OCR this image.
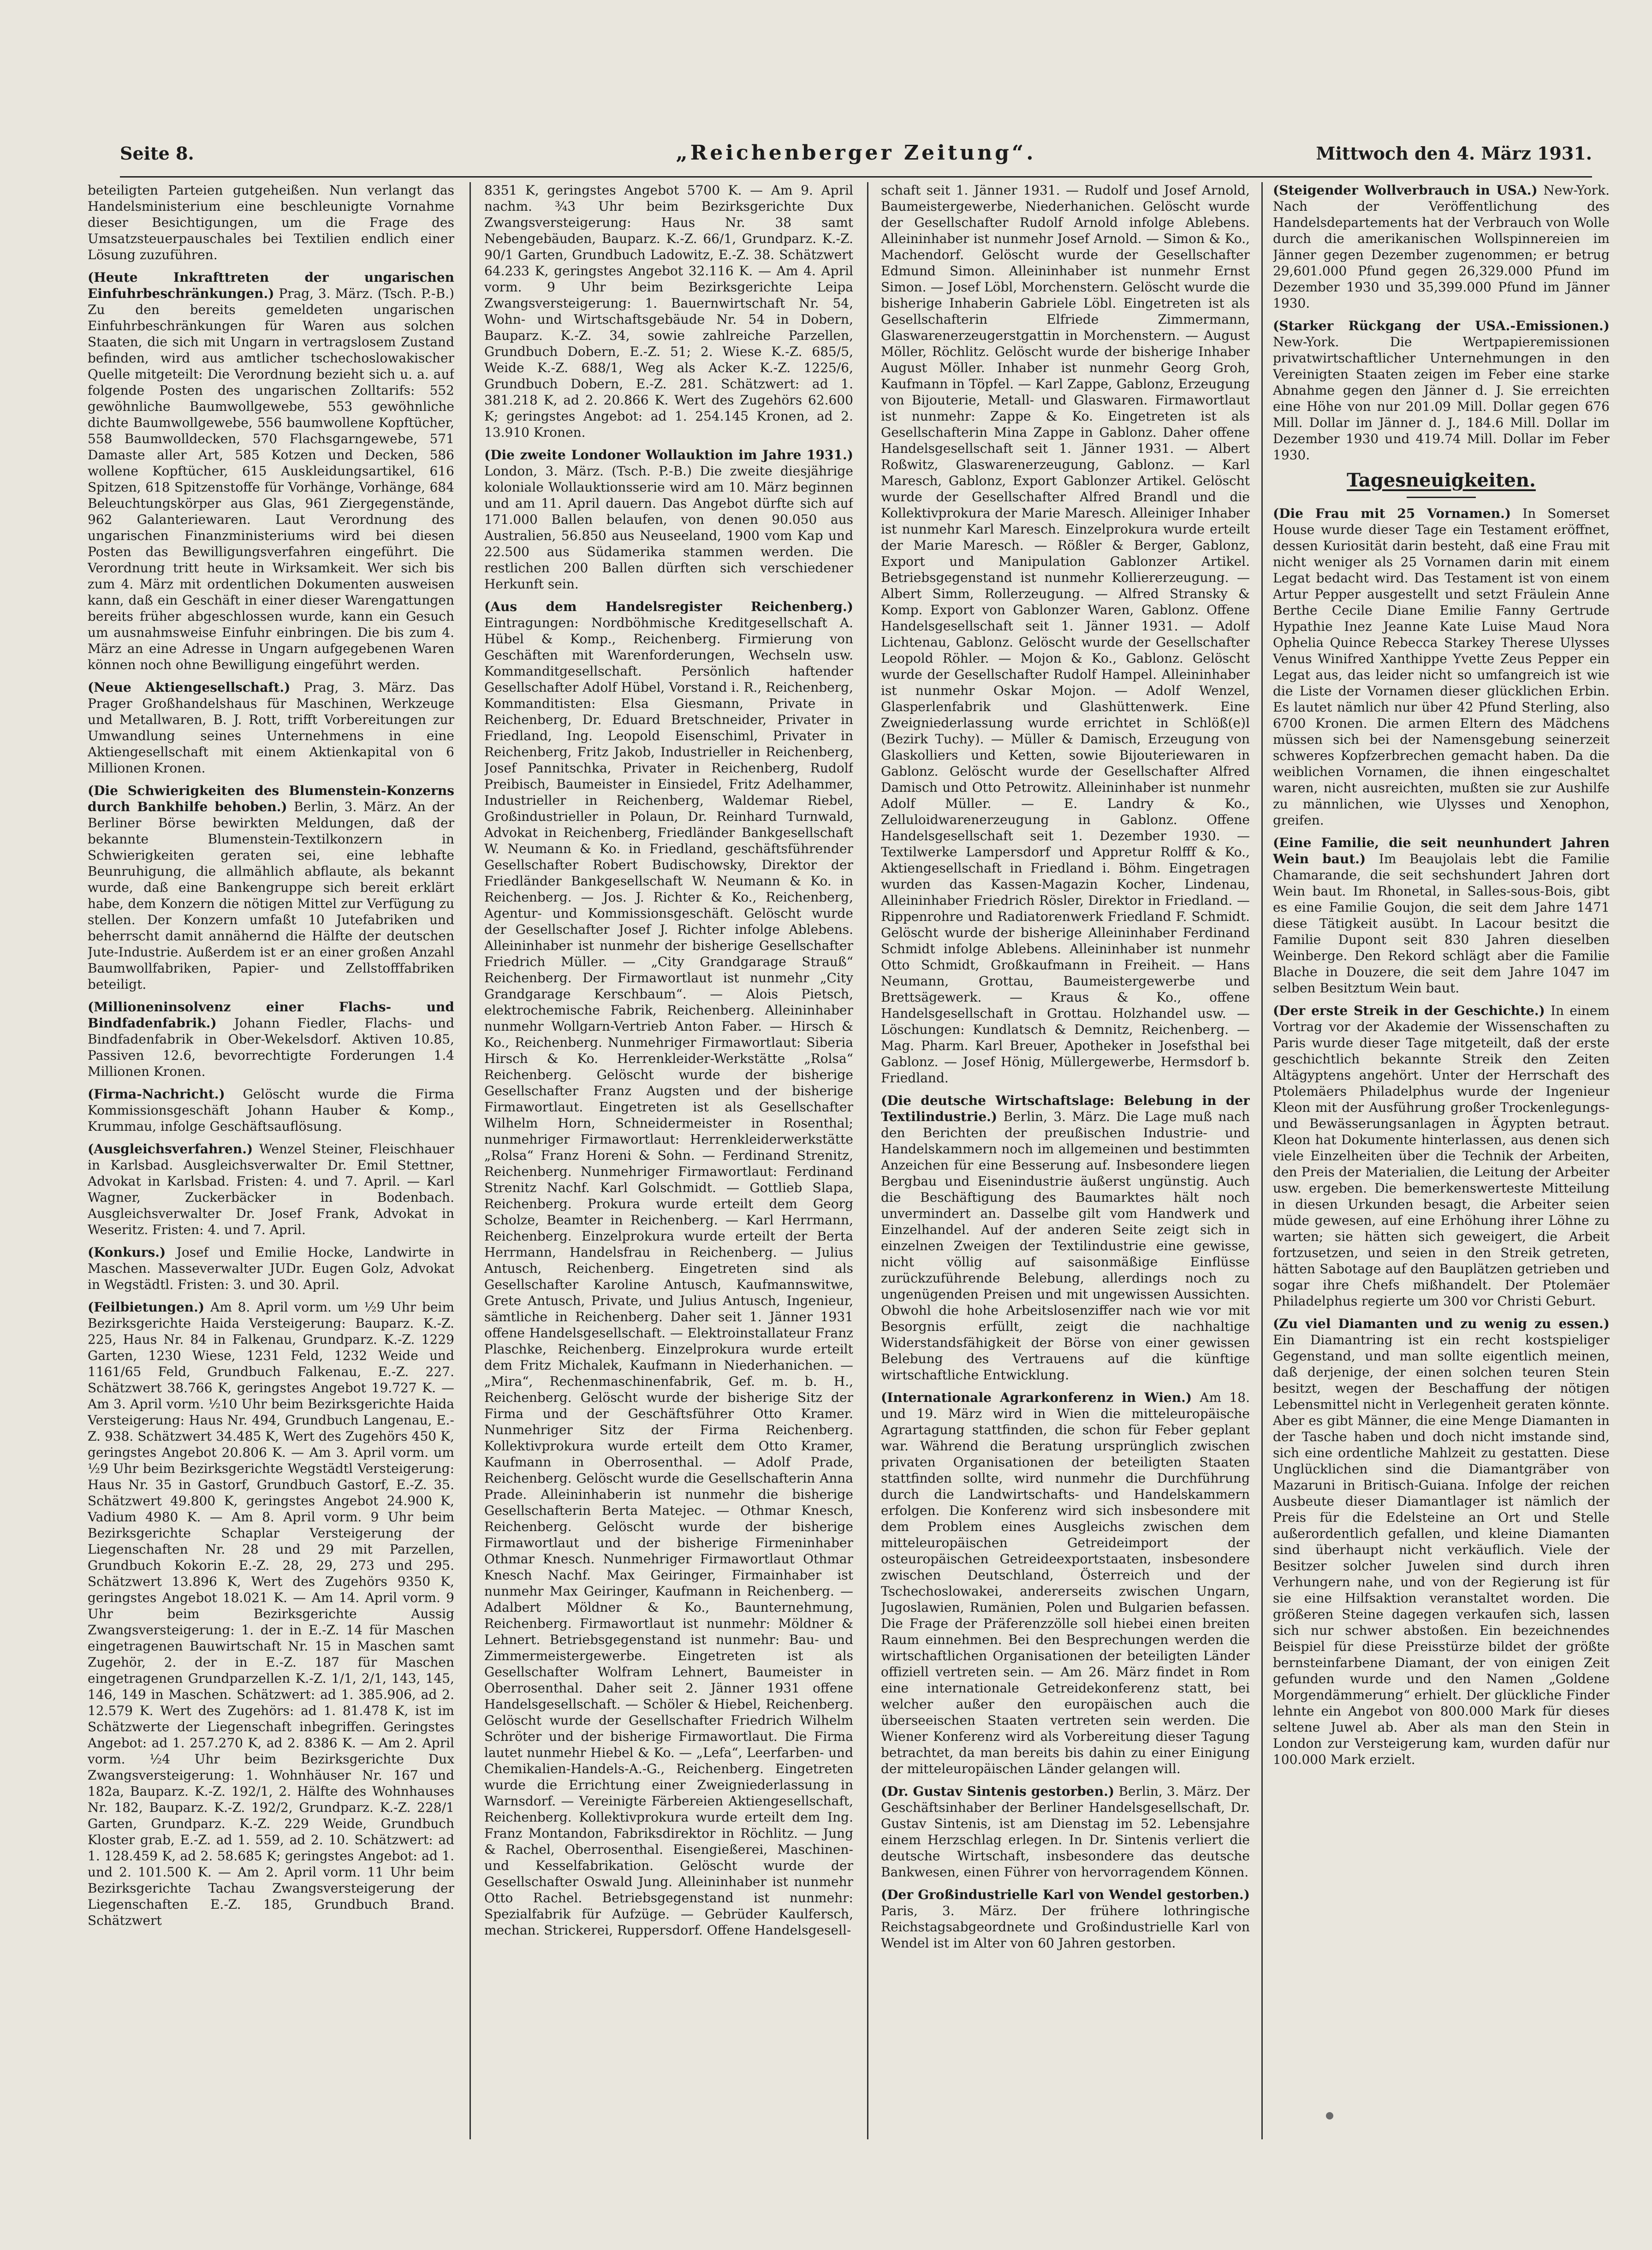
Seite 8.	„Reichenberger Zeitung“.	Mittwoch den 4. März 1931.

beteiligten Parteien gutgeheißen. Nun verlangt das Handelsministerium eine beschleunigte Vornahme dieser Besichtigungen, um die Frage des Umsatzsteuerpauschales bei Textilien endlich einer Lösung zuzuführen.

(Heute Inkrafttreten der ungarischen Einfuhrbeschränkungen.) Prag, 3. März. (Tsch. P.-B.) Zu den bereits gemeldeten ungarischen Einfuhrbeschränkungen für Waren aus solchen Staaten, die sich mit Ungarn in vertragslosem Zustand befinden, wird aus amtlicher tschechoslowakischer Quelle mitgeteilt: Die Verordnung bezieht sich u. a. auf folgende Posten des ungarischen Zolltarifs: 552 gewöhnliche Baumwollgewebe, 553 gewöhnliche dichte Baumwollgewebe, 556 baumwollene Kopftücher, 558 Baumwolldecken, 570 Flachsgarngewebe, 571 Damaste aller Art, 585 Kotzen und Decken, 586 wollene Kopftücher, 615 Auskleidungsartikel, 616 Spitzen, 618 Spitzenstoffe für Vorhänge, Vorhänge, 684 Beleuchtungskörper aus Glas, 961 Ziergegenstände, 962 Galanteriewaren. Laut Verordnung des ungarischen Finanzministeriums wird bei diesen Posten das Bewilligungsverfahren eingeführt. Die Verordnung tritt heute in Wirksamkeit. Wer sich bis zum 4. März mit ordentlichen Dokumenten ausweisen kann, daß ein Geschäft in einer dieser Warengattungen bereits früher abgeschlossen wurde, kann ein Gesuch um ausnahmsweise Einfuhr einbringen. Die bis zum 4. März an eine Adresse in Ungarn aufgegebenen Waren können noch ohne Bewilligung eingeführt werden.

(Neue Aktiengesellschaft.) Prag, 3. März. Das Prager Großhandelshaus für Maschinen, Werkzeuge und Metallwaren, B. J. Rott, trifft Vorbereitungen zur Umwandlung seines Unternehmens in eine Aktiengesellschaft mit einem Aktienkapital von 6 Millionen Kronen.

(Die Schwierigkeiten des Blumenstein-Konzerns durch Bankhilfe behoben.) Berlin, 3. März. An der Berliner Börse bewirkten Meldungen, daß der bekannte Blumenstein-Textilkonzern in Schwierigkeiten geraten sei, eine lebhafte Beunruhigung, die allmählich abflaute, als bekannt wurde, daß eine Bankengruppe sich bereit erklärt habe, dem Konzern die nötigen Mittel zur Verfügung zu stellen. Der Konzern umfaßt 10 Jutefabriken und beherrscht damit annähernd die Hälfte der deutschen Jute-Industrie. Außerdem ist er an einer großen Anzahl Baumwollfabriken, Papier- und Zellstofffabriken beteiligt.

(Millioneninsolvenz einer Flachs- und Bindfadenfabrik.) Johann Fiedler, Flachs- und Bindfadenfabrik in Ober-Wekelsdorf. Aktiven 10.85, Passiven 12.6, bevorrechtigte Forderungen 1.4 Millionen Kronen.

(Firma-Nachricht.) Gelöscht wurde die Firma Kommissionsgeschäft Johann Hauber & Komp., Krummau, infolge Geschäftsauflösung.

(Ausgleichsverfahren.) Wenzel Steiner, Fleischhauer in Karlsbad. Ausgleichsverwalter Dr. Emil Stettner, Advokat in Karlsbad. Fristen: 4. und 7. April. — Karl Wagner, Zuckerbäcker in Bodenbach. Ausgleichsverwalter Dr. Josef Frank, Advokat in Weseritz. Fristen: 4. und 7. April.

(Konkurs.) Josef und Emilie Hocke, Landwirte in Maschen. Masseverwalter JUDr. Eugen Golz, Advokat in Wegstädtl. Fristen: 3. und 30. April.

(Feilbietungen.) Am 8. April vorm. um ½9 Uhr beim Bezirksgerichte Haida Versteigerung: Bauparz. K.-Z. 225, Haus Nr. 84 in Falkenau, Grundparz. K.-Z. 1229 Garten, 1230 Wiese, 1231 Feld, 1232 Weide und 1161/65 Feld, Grundbuch Falkenau, E.-Z. 227. Schätzwert 38.766 K, geringstes Angebot 19.727 K. — Am 3. April vorm. ½10 Uhr beim Bezirksgerichte Haida Versteigerung: Haus Nr. 494, Grundbuch Langenau, E.-Z. 938. Schätzwert 34.485 K, Wert des Zugehörs 450 K, geringstes Angebot 20.806 K. — Am 3. April vorm. um ½9 Uhr beim Bezirksgerichte Wegstädtl Versteigerung: Haus Nr. 35 in Gastorf, Grundbuch Gastorf, E.-Z. 35. Schätzwert 49.800 K, geringstes Angebot 24.900 K, Vadium 4980 K. — Am 8. April vorm. 9 Uhr beim Bezirksgerichte Schaplar Versteigerung der Liegenschaften Nr. 28 und 29 mit Parzellen, Grundbuch Kokorin E.-Z. 28, 29, 273 und 295. Schätzwert 13.896 K, Wert des Zugehörs 9350 K, geringstes Angebot 18.021 K. — Am 14. April vorm. 9 Uhr beim Bezirksgerichte Aussig Zwangsversteigerung: 1. der in E.-Z. 14 für Maschen eingetragenen Bauwirtschaft Nr. 15 in Maschen samt Zugehör, 2. der in E.-Z. 187 für Maschen eingetragenen Grundparzellen K.-Z. 1/1, 2/1, 143, 145, 146, 149 in Maschen. Schätzwert: ad 1. 385.906, ad 2. 12.579 K. Wert des Zugehörs: ad 1. 81.478 K, ist im Schätzwerte der Liegenschaft inbegriffen. Geringstes Angebot: ad 1. 257.270 K, ad 2. 8386 K. — Am 2. April vorm. ½4 Uhr beim Bezirksgerichte Dux Zwangsversteigerung: 1. Wohnhäuser Nr. 167 und 182a, Bauparz. K.-Z. 192/1, 2. Hälfte des Wohnhauses Nr. 182, Bauparz. K.-Z. 192/2, Grundparz. K.-Z. 228/1 Garten, Grundparz. K.-Z. 229 Weide, Grundbuch Kloster grab, E.-Z. ad 1. 559, ad 2. 10. Schätzwert: ad 1. 128.459 K, ad 2. 58.685 K; geringstes Angebot: ad 1. und 2. 101.500 K. — Am 2. April vorm. 11 Uhr beim Bezirksgerichte Tachau Zwangsversteigerung der Liegenschaften E.-Z. 185, Grundbuch Brand. Schätzwert

8351 K, geringstes Angebot 5700 K. — Am 9. April nachm. ¾3 Uhr beim Bezirksgerichte Dux Zwangsversteigerung: Haus Nr. 38 samt Nebengebäuden, Bauparz. K.-Z. 66/1, Grundparz. K.-Z. 90/1 Garten, Grundbuch Ladowitz, E.-Z. 38. Schätzwert 64.233 K, geringstes Angebot 32.116 K. — Am 4. April vorm. 9 Uhr beim Bezirksgerichte Leipa Zwangsversteigerung: 1. Bauernwirtschaft Nr. 54, Wohn- und Wirtschaftsgebäude Nr. 54 in Dobern, Bauparz. K.-Z. 34, sowie zahlreiche Parzellen, Grundbuch Dobern, E.-Z. 51; 2. Wiese K.-Z. 685/5, Weide K.-Z. 688/1, Weg als Acker K.-Z. 1225/6, Grundbuch Dobern, E.-Z. 281. Schätzwert: ad 1. 381.218 K, ad 2. 20.866 K. Wert des Zugehörs 62.600 K; geringstes Angebot: ad 1. 254.145 Kronen, ad 2. 13.910 Kronen.

(Die zweite Londoner Wollauktion im Jahre 1931.) London, 3. März. (Tsch. P.-B.) Die zweite diesjährige koloniale Wollauktionsserie wird am 10. März beginnen und am 11. April dauern. Das Angebot dürfte sich auf 171.000 Ballen belaufen, von denen 90.050 aus Australien, 56.850 aus Neuseeland, 1900 vom Kap und 22.500 aus Südamerika stammen werden. Die restlichen 200 Ballen dürften sich verschiedener Herkunft sein.

(Aus dem Handelsregister Reichenberg.) Eintragungen: Nordböhmische Kreditgesellschaft A. Hübel & Komp., Reichenberg. Firmierung von Geschäften mit Warenforderungen, Wechseln usw. Kommanditgesellschaft. Persönlich haftender Gesellschafter Adolf Hübel, Vorstand i. R., Reichenberg, Kommanditisten: Elsa Giesmann, Private in Reichenberg, Dr. Eduard Bretschneider, Privater in Friedland, Ing. Leopold Eisenschiml, Privater in Reichenberg, Fritz Jakob, Industrieller in Reichenberg, Josef Pannitschka, Privater in Reichenberg, Rudolf Preibisch, Baumeister in Einsiedel, Fritz Adelhammer, Industrieller in Reichenberg, Waldemar Riebel, Großindustrieller in Polaun, Dr. Reinhard Turnwald, Advokat in Reichenberg, Friedländer Bankgesellschaft W. Neumann & Ko. in Friedland, geschäftsführender Gesellschafter Robert Budischowsky, Direktor der Friedländer Bankgesellschaft W. Neumann & Ko. in Reichenberg. — Jos. J. Richter & Ko., Reichenberg, Agentur- und Kommissionsgeschäft. Gelöscht wurde der Gesellschafter Josef J. Richter infolge Ablebens. Alleininhaber ist nunmehr der bisherige Gesellschafter Friedrich Müller. — „City Grandgarage Strauß“ Reichenberg. Der Firmawortlaut ist nunmehr „City Grandgarage Kerschbaum“. — Alois Pietsch, elektrochemische Fabrik, Reichenberg. Alleininhaber nunmehr Wollgarn-Vertrieb Anton Faber. — Hirsch & Ko., Reichenberg. Nunmehriger Firmawortlaut: Siberia Hirsch & Ko. Herrenkleider-Werkstätte „Rolsa“ Reichenberg. Gelöscht wurde der bisherige Gesellschafter Franz Augsten und der bisherige Firmawortlaut. Eingetreten ist als Gesellschafter Wilhelm Horn, Schneidermeister in Rosenthal; nunmehriger Firmawortlaut: Herrenkleiderwerkstätte „Rolsa“ Franz Horeni & Sohn. — Ferdinand Strenitz, Reichenberg. Nunmehriger Firmawortlaut: Ferdinand Strenitz Nachf. Karl Golschmidt. — Gottlieb Slapa, Reichenberg. Prokura wurde erteilt dem Georg Scholze, Beamter in Reichenberg. — Karl Herrmann, Reichenberg. Einzelprokura wurde erteilt der Berta Herrmann, Handelsfrau in Reichenberg. — Julius Antusch, Reichenberg. Eingetreten sind als Gesellschafter Karoline Antusch, Kaufmannswitwe, Grete Antusch, Private, und Julius Antusch, Ingenieur, sämtliche in Reichenberg. Daher seit 1. Jänner 1931 offene Handelsgesellschaft. — Elektroinstallateur Franz Plaschke, Reichenberg. Einzelprokura wurde erteilt dem Fritz Michalek, Kaufmann in Niederhanichen. — „Mira“, Rechenmaschinenfabrik, Gef. m. b. H., Reichenberg. Gelöscht wurde der bisherige Sitz der Firma und der Geschäftsführer Otto Kramer. Nunmehriger Sitz der Firma Reichenberg. Kollektivprokura wurde erteilt dem Otto Kramer, Kaufmann in Oberrosenthal. — Adolf Prade, Reichenberg. Gelöscht wurde die Gesellschafterin Anna Prade. Alleininhaberin ist nunmehr die bisherige Gesellschafterin Berta Matejec. — Othmar Knesch, Reichenberg. Gelöscht wurde der bisherige Firmawortlaut und der bisherige Firmeninhaber Othmar Knesch. Nunmehriger Firmawortlaut Othmar Knesch Nachf. Max Geiringer, Firmainhaber ist nunmehr Max Geiringer, Kaufmann in Reichenberg. — Adalbert Möldner & Ko., Baunternehmung, Reichenberg. Firmawortlaut ist nunmehr: Möldner & Lehnert. Betriebsgegenstand ist nunmehr: Bau- und Zimmermeistergewerbe. Eingetreten ist als Gesellschafter Wolfram Lehnert, Baumeister in Oberrosenthal. Daher seit 2. Jänner 1931 offene Handelsgesellschaft. — Schöler & Hiebel, Reichenberg. Gelöscht wurde der Gesellschafter Friedrich Wilhelm Schröter und der bisherige Firmawortlaut. Die Firma lautet nunmehr Hiebel & Ko. — „Lefa“, Leerfarben- und Chemikalien-Handels-A.-G., Reichenberg. Eingetreten wurde die Errichtung einer Zweigniederlassung in Warnsdorf. — Vereinigte Färbereien Aktiengesellschaft, Reichenberg. Kollektivprokura wurde erteilt dem Ing. Franz Montandon, Fabriksdirektor in Röchlitz. — Jung & Rachel, Oberrosenthal. Eisengießerei, Maschinen- und Kesselfabrikation. Gelöscht wurde der Gesellschafter Oswald Jung. Alleininhaber ist nunmehr Otto Rachel. Betriebsgegenstand ist nunmehr: Spezialfabrik für Aufzüge. — Gebrüder Kaulfersch, mechan. Strickerei, Ruppersdorf. Offene Handelsgesell-

schaft seit 1. Jänner 1931. — Rudolf und Josef Arnold, Baumeistergewerbe, Niederhanichen. Gelöscht wurde der Gesellschafter Rudolf Arnold infolge Ablebens. Alleininhaber ist nunmehr Josef Arnold. — Simon & Ko., Machendorf. Gelöscht wurde der Gesellschafter Edmund Simon. Alleininhaber ist nunmehr Ernst Simon. — Josef Löbl, Morchenstern. Gelöscht wurde die bisherige Inhaberin Gabriele Löbl. Eingetreten ist als Gesellschafterin Elfriede Zimmermann, Glaswarenerzeugerstgattin in Morchenstern. — August Möller, Röchlitz. Gelöscht wurde der bisherige Inhaber August Möller. Inhaber ist nunmehr Georg Groh, Kaufmann in Töpfel. — Karl Zappe, Gablonz, Erzeugung von Bijouterie, Metall- und Glaswaren. Firmawortlaut ist nunmehr: Zappe & Ko. Eingetreten ist als Gesellschafterin Mina Zappe in Gablonz. Daher offene Handelsgesellschaft seit 1. Jänner 1931. — Albert Roßwitz, Glaswarenerzeugung, Gablonz. — Karl Maresch, Gablonz, Export Gablonzer Artikel. Gelöscht wurde der Gesellschafter Alfred Brandl und die Kollektivprokura der Marie Maresch. Alleiniger Inhaber ist nunmehr Karl Maresch. Einzelprokura wurde erteilt der Marie Maresch. — Rößler & Berger, Gablonz, Export und Manipulation Gablonzer Artikel. Betriebsgegenstand ist nunmehr Kolliererzeugung. — Albert Simm, Rollerzeugung. — Alfred Stransky & Komp. Export von Gablonzer Waren, Gablonz. Offene Handelsgesellschaft seit 1. Jänner 1931. — Adolf Lichtenau, Gablonz. Gelöscht wurde der Gesellschafter Leopold Röhler. — Mojon & Ko., Gablonz. Gelöscht wurde der Gesellschafter Rudolf Hampel. Alleininhaber ist nunmehr Oskar Mojon. — Adolf Wenzel, Glasperlenfabrik und Glashüttenwerk. Eine Zweigniederlassung wurde errichtet in Schlöß(e)l (Bezirk Tuchy). — Müller & Damisch, Erzeugung von Glaskolliers und Ketten, sowie Bijouteriewaren in Gablonz. Gelöscht wurde der Gesellschafter Alfred Damisch und Otto Petrowitz. Alleininhaber ist nunmehr Adolf Müller. — E. Landry & Ko., Zelluloidwarenerzeugung in Gablonz. Offene Handelsgesellschaft seit 1. Dezember 1930. — Textilwerke Lampersdorf und Appretur Rolfff & Ko., Aktiengesellschaft in Friedland i. Böhm. Eingetragen wurden das Kassen-Magazin Kocher, Lindenau, Alleininhaber Friedrich Rösler, Direktor in Friedland. — Rippenrohre und Radiatorenwerk Friedland F. Schmidt. Gelöscht wurde der bisherige Alleininhaber Ferdinand Schmidt infolge Ablebens. Alleininhaber ist nunmehr Otto Schmidt, Großkaufmann in Freiheit. — Hans Neumann, Grottau, Baumeistergewerbe und Brettsägewerk. — Kraus & Ko., offene Handelsgesellschaft in Grottau. Holzhandel usw. — Löschungen: Kundlatsch & Demnitz, Reichenberg. — Mag. Pharm. Karl Breuer, Apotheker in Josefsthal bei Gablonz. — Josef Hönig, Müllergewerbe, Hermsdorf b. Friedland.

(Die deutsche Wirtschaftslage: Belebung in der Textilindustrie.) Berlin, 3. März. Die Lage muß nach den Berichten der preußischen Industrie- und Handelskammern noch im allgemeinen und bestimmten Anzeichen für eine Besserung auf. Insbesondere liegen Bergbau und Eisenindustrie äußerst ungünstig. Auch die Beschäftigung des Baumarktes hält noch unvermindert an. Dasselbe gilt vom Handwerk und Einzelhandel. Auf der anderen Seite zeigt sich in einzelnen Zweigen der Textilindustrie eine gewisse, nicht völlig auf saisonmäßige Einflüsse zurückzuführende Belebung, allerdings noch zu ungenügenden Preisen und mit ungewissen Aussichten. Obwohl die hohe Arbeitslosenziffer nach wie vor mit Besorgnis erfüllt, zeigt die nachhaltige Widerstandsfähigkeit der Börse von einer gewissen Belebung des Vertrauens auf die künftige wirtschaftliche Entwicklung.

(Internationale Agrarkonferenz in Wien.) Am 18. und 19. März wird in Wien die mitteleuropäische Agrartagung stattfinden, die schon für Feber geplant war. Während die Beratung ursprünglich zwischen privaten Organisationen der beteiligten Staaten stattfinden sollte, wird nunmehr die Durchführung durch die Landwirtschafts- und Handelskammern erfolgen. Die Konferenz wird sich insbesondere mit dem Problem eines Ausgleichs zwischen dem mitteleuropäischen Getreideimport der osteuropäischen Getreideexportstaaten, insbesondere zwischen Deutschland, Österreich und der Tschechoslowakei, andererseits zwischen Ungarn, Jugoslawien, Rumänien, Polen und Bulgarien befassen. Die Frage der Präferenzzölle soll hiebei einen breiten Raum einnehmen. Bei den Besprechungen werden die wirtschaftlichen Organisationen der beteiligten Länder offiziell vertreten sein. — Am 26. März findet in Rom eine internationale Getreidekonferenz statt, bei welcher außer den europäischen auch die überseeischen Staaten vertreten sein werden. Die Wiener Konferenz wird als Vorbereitung dieser Tagung betrachtet, da man bereits bis dahin zu einer Einigung der mitteleuropäischen Länder gelangen will.

(Dr. Gustav Sintenis gestorben.) Berlin, 3. März. Der Geschäftsinhaber der Berliner Handelsgesellschaft, Dr. Gustav Sintenis, ist am Dienstag im 52. Lebensjahre einem Herzschlag erlegen. In Dr. Sintenis verliert die deutsche Wirtschaft, insbesondere das deutsche Bankwesen, einen Führer von hervorragendem Können.

(Der Großindustrielle Karl von Wendel gestorben.) Paris, 3. März. Der frühere lothringische Reichstagsabgeordnete und Großindustrielle Karl von Wendel ist im Alter von 60 Jahren gestorben.

(Steigender Wollverbrauch in USA.) New-York. Nach der Veröffentlichung des Handelsdepartements hat der Verbrauch von Wolle durch die amerikanischen Wollspinnereien im Jänner gegen Dezember zugenommen; er betrug 29,601.000 Pfund gegen 26,329.000 Pfund im Dezember 1930 und 35,399.000 Pfund im Jänner 1930.

(Starker Rückgang der USA.-Emissionen.) New-York. Die Wertpapieremissionen privatwirtschaftlicher Unternehmungen in den Vereinigten Staaten zeigen im Feber eine starke Abnahme gegen den Jänner d. J. Sie erreichten eine Höhe von nur 201.09 Mill. Dollar gegen 676 Mill. Dollar im Jänner d. J., 184.6 Mill. Dollar im Dezember 1930 und 419.74 Mill. Dollar im Feber 1930.

Tagesneuigkeiten.

(Die Frau mit 25 Vornamen.) In Somerset House wurde dieser Tage ein Testament eröffnet, dessen Kuriosität darin besteht, daß eine Frau mit nicht weniger als 25 Vornamen darin mit einem Legat bedacht wird. Das Testament ist von einem Artur Pepper ausgestellt und setzt Fräulein Anne Berthe Cecile Diane Emilie Fanny Gertrude Hypathie Inez Jeanne Kate Luise Maud Nora Ophelia Quince Rebecca Starkey Therese Ulysses Venus Winifred Xanthippe Yvette Zeus Pepper ein Legat aus, das leider nicht so umfangreich ist wie die Liste der Vornamen dieser glücklichen Erbin. Es lautet nämlich nur über 42 Pfund Sterling, also 6700 Kronen. Die armen Eltern des Mädchens müssen sich bei der Namensgebung seinerzeit schweres Kopfzerbrechen gemacht haben. Da die weiblichen Vornamen, die ihnen eingeschaltet waren, nicht ausreichten, mußten sie zur Aushilfe zu männlichen, wie Ulysses und Xenophon, greifen.

(Eine Familie, die seit neunhundert Jahren Wein baut.) Im Beaujolais lebt die Familie Chamarande, die seit sechshundert Jahren dort Wein baut. Im Rhonetal, in Salles-sous-Bois, gibt es eine Familie Goujon, die seit dem Jahre 1471 diese Tätigkeit ausübt. In Lacour besitzt die Familie Dupont seit 830 Jahren dieselben Weinberge. Den Rekord schlägt aber die Familie Blache in Douzere, die seit dem Jahre 1047 im selben Besitztum Wein baut.

(Der erste Streik in der Geschichte.) In einem Vortrag vor der Akademie der Wissenschaften zu Paris wurde dieser Tage mitgeteilt, daß der erste geschichtlich bekannte Streik den Zeiten Altägyptens angehört. Unter der Herrschaft des Ptolemäers Philadelphus wurde der Ingenieur Kleon mit der Ausführung großer Trockenlegungs- und Bewässerungsanlagen in Ägypten betraut. Kleon hat Dokumente hinterlassen, aus denen sich viele Einzelheiten über die Technik der Arbeiten, den Preis der Materialien, die Leitung der Arbeiter usw. ergeben. Die bemerkenswerteste Mitteilung in diesen Urkunden besagt, die Arbeiter seien müde gewesen, auf eine Erhöhung ihrer Löhne zu warten; sie hätten sich geweigert, die Arbeit fortzusetzen, und seien in den Streik getreten, hätten Sabotage auf den Bauplätzen getrieben und sogar ihre Chefs mißhandelt. Der Ptolemäer Philadelphus regierte um 300 vor Christi Geburt.

(Zu viel Diamanten und zu wenig zu essen.) Ein Diamantring ist ein recht kostspieliger Gegenstand, und man sollte eigentlich meinen, daß derjenige, der einen solchen teuren Stein besitzt, wegen der Beschaffung der nötigen Lebensmittel nicht in Verlegenheit geraten könnte. Aber es gibt Männer, die eine Menge Diamanten in der Tasche haben und doch nicht imstande sind, sich eine ordentliche Mahlzeit zu gestatten. Diese Unglücklichen sind die Diamantgräber von Mazaruni in Britisch-Guiana. Infolge der reichen Ausbeute dieser Diamantlager ist nämlich der Preis für die Edelsteine an Ort und Stelle außerordentlich gefallen, und kleine Diamanten sind überhaupt nicht verkäuflich. Viele der Besitzer solcher Juwelen sind durch ihren Verhungern nahe, und von der Regierung ist für sie eine Hilfsaktion veranstaltet worden. Die größeren Steine dagegen verkaufen sich, lassen sich nur schwer abstoßen. Ein bezeichnendes Beispiel für diese Preisstürze bildet der größte bernsteinfarbene Diamant, der von einigen Zeit gefunden wurde und den Namen „Goldene Morgendämmerung“ erhielt. Der glückliche Finder lehnte ein Angebot von 800.000 Mark für dieses seltene Juwel ab. Aber als man den Stein in London zur Versteigerung kam, wurden dafür nur 100.000 Mark erzielt.
